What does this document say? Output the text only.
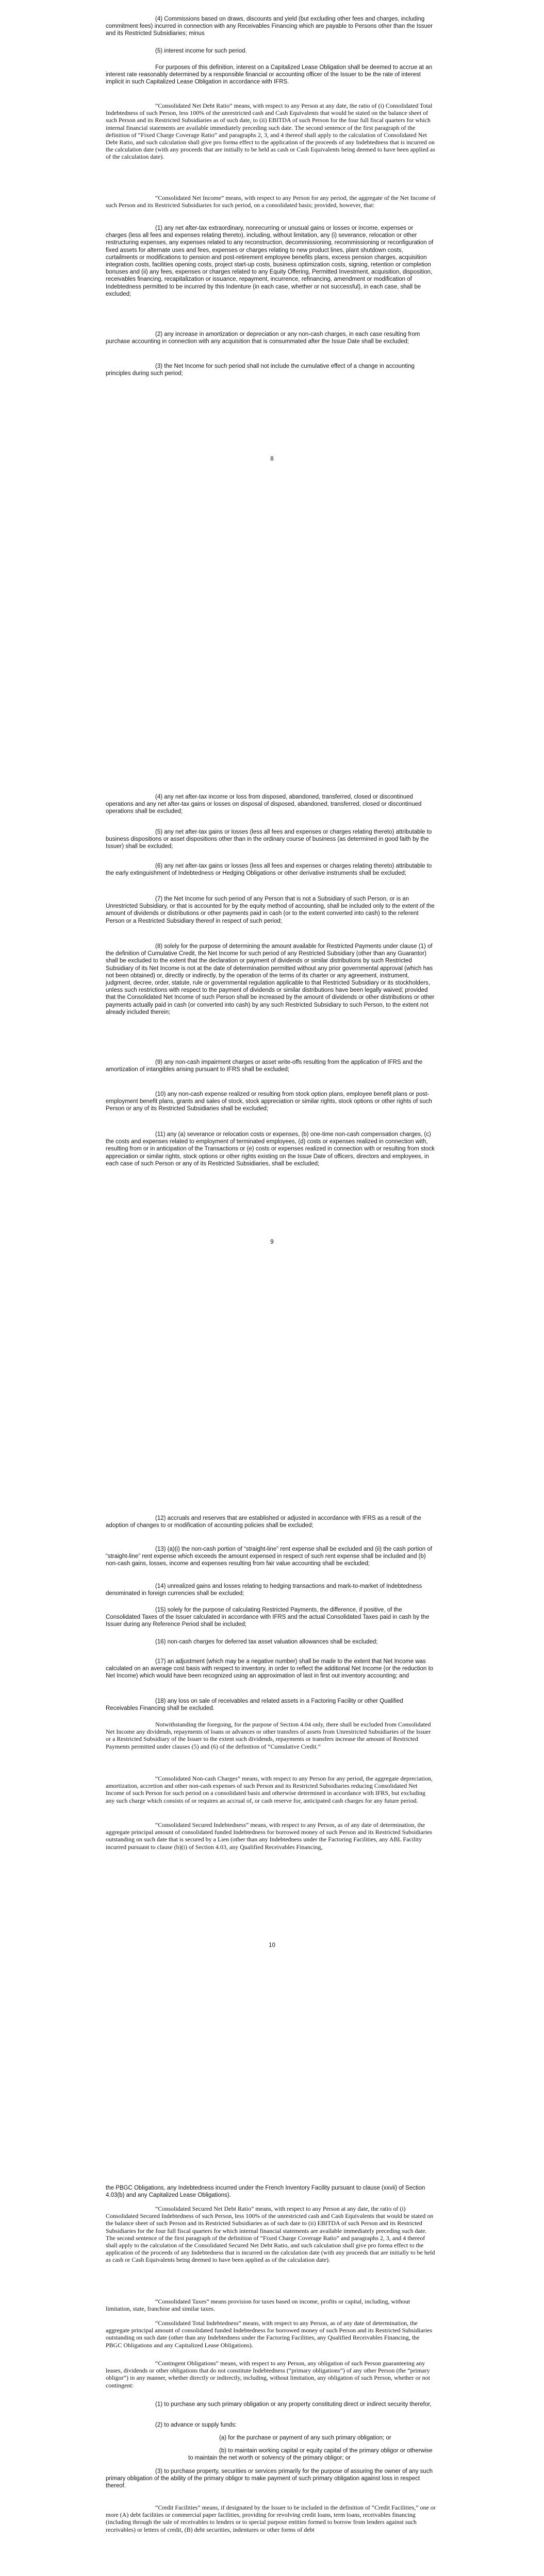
(4) Commissions based on draws, discounts and yield (but excluding other fees and charges, including commitment fees) incurred in connection with any Receivables Financing which are payable to Persons other than the Issuer and its Restricted Subsidiaries; minus

(5) interest income for such period.

For purposes of this definition, interest on a Capitalized Lease Obligation shall be deemed to accrue at an interest rate reasonably determined by a responsible financial or accounting officer of the Issuer to be the rate of interest implicit in such Capitalized Lease Obligation in accordance with IFRS.

“Consolidated Net Debt Ratio” means, with respect to any Person at any date, the ratio of (i) Consolidated Total Indebtedness of such Person, less 100% of the unrestricted cash and Cash Equivalents that would be stated on the balance sheet of such Person and its Restricted Subsidiaries as of such date, to (ii) EBITDA of such Person for the four full fiscal quarters for which internal financial statements are available immediately preceding such date. The second sentence of the first paragraph of the definition of “Fixed Charge Coverage Ratio” and paragraphs 2, 3, and 4 thereof shall apply to the calculation of Consolidated Net Debt Ratio, and such calculation shall give pro forma effect to the application of the proceeds of any Indebtedness that is incurred on the calculation date (with any proceeds that are initially to be held as cash or Cash Equivalents being deemed to have been applied as of the calculation date).

“Consolidated Net Income” means, with respect to any Person for any period, the aggregate of the Net Income of such Person and its Restricted Subsidiaries for such period, on a consolidated basis; provided, however, that:

(1) any net after-tax extraordinary, nonrecurring or unusual gains or losses or income, expenses or charges (less all fees and expenses relating thereto), including, without limitation, any (i) severance, relocation or other restructuring expenses, any expenses related to any reconstruction, decommissioning, recommissioning or reconfiguration of fixed assets for alternate uses and fees, expenses or charges relating to new product lines, plant shutdown costs, curtailments or modifications to pension and post-retirement employee benefits plans, excess pension charges, acquisition integration costs, facilities opening costs, project start-up costs, business optimization costs, signing, retention or completion bonuses and (ii) any fees, expenses or charges related to any Equity Offering, Permitted Investment, acquisition, disposition, receivables financing, recapitalization or issuance, repayment, incurrence, refinancing, amendment or modification of Indebtedness permitted to be incurred by this Indenture (in each case, whether or not successful), in each case, shall be excluded;

(2) any increase in amortization or depreciation or any non-cash charges, in each case resulting from purchase accounting in connection with any acquisition that is consummated after the Issue Date shall be excluded;

(3) the Net Income for such period shall not include the cumulative effect of a change in accounting principles during such period;

8

(4) any net after-tax income or loss from disposed, abandoned, transferred, closed or discontinued operations and any net after-tax gains or losses on disposal of disposed, abandoned, transferred, closed or discontinued operations shall be excluded;

(5) any net after-tax gains or losses (less all fees and expenses or charges relating thereto) attributable to business dispositions or asset dispositions other than in the ordinary course of business (as determined in good faith by the Issuer) shall be excluded;

(6) any net after-tax gains or losses (less all fees and expenses or charges relating thereto) attributable to the early extinguishment of Indebtedness or Hedging Obligations or other derivative instruments shall be excluded;

(7) the Net Income for such period of any Person that is not a Subsidiary of such Person, or is an Unrestricted Subsidiary, or that is accounted for by the equity method of accounting, shall be included only to the extent of the amount of dividends or distributions or other payments paid in cash (or to the extent converted into cash) to the referent Person or a Restricted Subsidiary thereof in respect of such period;

(8) solely for the purpose of determining the amount available for Restricted Payments under clause (1) of the definition of Cumulative Credit, the Net Income for such period of any Restricted Subsidiary (other than any Guarantor) shall be excluded to the extent that the declaration or payment of dividends or similar distributions by such Restricted Subsidiary of its Net Income is not at the date of determination permitted without any prior governmental approval (which has not been obtained) or, directly or indirectly, by the operation of the terms of its charter or any agreement, instrument, judgment, decree, order, statute, rule or governmental regulation applicable to that Restricted Subsidiary or its stockholders, unless such restrictions with respect to the payment of dividends or similar distributions have been legally waived; provided that the Consolidated Net Income of such Person shall be increased by the amount of dividends or other distributions or other payments actually paid in cash (or converted into cash) by any such Restricted Subsidiary to such Person, to the extent not already included therein;

(9) any non-cash impairment charges or asset write-offs resulting from the application of IFRS and the amortization of intangibles arising pursuant to IFRS shall be excluded;

(10) any non-cash expense realized or resulting from stock option plans, employee benefit plans or post-employment benefit plans, grants and sales of stock, stock appreciation or similar rights, stock options or other rights of such Person or any of its Restricted Subsidiaries shall be excluded;

(11) any (a) severance or relocation costs or expenses, (b) one-time non-cash compensation charges, (c) the costs and expenses related to employment of terminated employees, (d) costs or expenses realized in connection with, resulting from or in anticipation of the Transactions or (e) costs or expenses realized in connection with or resulting from stock appreciation or similar rights, stock options or other rights existing on the Issue Date of officers, directors and employees, in each case of such Person or any of its Restricted Subsidiaries, shall be excluded;

9

(12) accruals and reserves that are established or adjusted in accordance with IFRS as a result of the adoption of changes to or modification of accounting policies shall be excluded;

(13) (a)(i) the non-cash portion of “straight-line” rent expense shall be excluded and (ii) the cash portion of “straight-line” rent expense which exceeds the amount expensed in respect of such rent expense shall be included and (b) non-cash gains, losses, income and expenses resulting from fair value accounting shall be excluded;

(14) unrealized gains and losses relating to hedging transactions and mark-to-market of Indebtedness denominated in foreign currencies shall be excluded;

(15) solely for the purpose of calculating Restricted Payments, the difference, if positive, of the Consolidated Taxes of the Issuer calculated in accordance with IFRS and the actual Consolidated Taxes paid in cash by the Issuer during any Reference Period shall be included;

(16) non-cash charges for deferred tax asset valuation allowances shall be excluded;

(17) an adjustment (which may be a negative number) shall be made to the extent that Net Income was calculated on an average cost basis with respect to inventory, in order to reflect the additional Net Income (or the reduction to Net Income) which would have been recognized using an approximation of last in first out inventory accounting; and

(18) any loss on sale of receivables and related assets in a Factoring Facility or other Qualified Receivables Financing shall be excluded.

Notwithstanding the foregoing, for the purpose of Section 4.04 only, there shall be excluded from Consolidated Net Income any dividends, repayments of loans or advances or other transfers of assets from Unrestricted Subsidiaries of the Issuer or a Restricted Subsidiary of the Issuer to the extent such dividends, repayments or transfers increase the amount of Restricted Payments permitted under clauses (5) and (6) of the definition of “Cumulative Credit.”

“Consolidated Non-cash Charges” means, with respect to any Person for any period, the aggregate depreciation, amortization, accretion and other non-cash expenses of such Person and its Restricted Subsidiaries reducing Consolidated Net Income of such Person for such period on a consolidated basis and otherwise determined in accordance with IFRS, but excluding any such charge which consists of or requires an accrual of, or cash reserve for, anticipated cash charges for any future period.

“Consolidated Secured Indebtedness” means, with respect to any Person, as of any date of determination, the aggregate principal amount of consolidated funded Indebtedness for borrowed money of such Person and its Restricted Subsidiaries outstanding on such date that is secured by a Lien (other than any Indebtedness under the Factoring Facilities, any ABL Facility incurred pursuant to clause (b)(i) of Section 4.03, any Qualified Receivables Financing,

10

the PBGC Obligations, any Indebtedness incurred under the French Inventory Facility pursuant to clause (xxvii) of Section 4.03(b) and any Capitalized Lease Obligations).

“Consolidated Secured Net Debt Ratio” means, with respect to any Person at any date, the ratio of (i) Consolidated Secured Indebtedness of such Person, less 100% of the unrestricted cash and Cash Equivalents that would be stated on the balance sheet of such Person and its Restricted Subsidiaries as of such date to (ii) EBITDA of such Person and its Restricted Subsidiaries for the four full fiscal quarters for which internal financial statements are available immediately preceding such date. The second sentence of the first paragraph of the definition of “Fixed Charge Coverage Ratio” and paragraphs 2, 3, and 4 thereof shall apply to the calculation of the Consolidated Secured Net Debt Ratio, and such calculation shall give pro forma effect to the application of the proceeds of any Indebtedness that is incurred on the calculation date (with any proceeds that are initially to be held as cash or Cash Equivalents being deemed to have been applied as of the calculation date).

“Consolidated Taxes” means provision for taxes based on income, profits or capital, including, without limitation, state, franchise and similar taxes.

“Consolidated Total Indebtedness” means, with respect to any Person, as of any date of determination, the aggregate principal amount of consolidated funded Indebtedness for borrowed money of such Person and its Restricted Subsidiaries outstanding on such date (other than any Indebtedness under the Factoring Facilities, any Qualified Receivables Financing, the PBGC Obligations and any Capitalized Lease Obligations).

“Contingent Obligations” means, with respect to any Person, any obligation of such Person guaranteeing any leases, dividends or other obligations that do not constitute Indebtedness (“primary obligations”) of any other Person (the “primary obligor”) in any manner, whether directly or indirectly, including, without limitation, any obligation of such Person, whether or not contingent:

(1) to purchase any such primary obligation or any property constituting direct or indirect security therefor,

(2) to advance or supply funds:

(a) for the purchase or payment of any such primary obligation; or

(b) to maintain working capital or equity capital of the primary obligor or otherwise to maintain the net worth or solvency of the primary obligor; or

(3) to purchase property, securities or services primarily for the purpose of assuring the owner of any such primary obligation of the ability of the primary obligor to make payment of such primary obligation against loss in respect thereof.

“Credit Facilities” means, if designated by the Issuer to be included in the definition of “Credit Facilities,” one or more (A) debt facilities or commercial paper facilities, providing for revolving credit loans, term loans, receivables financing (including through the sale of receivables to lenders or to special purpose entities formed to borrow from lenders against such receivables) or letters of credit, (B) debt securities, indentures or other forms of debt
